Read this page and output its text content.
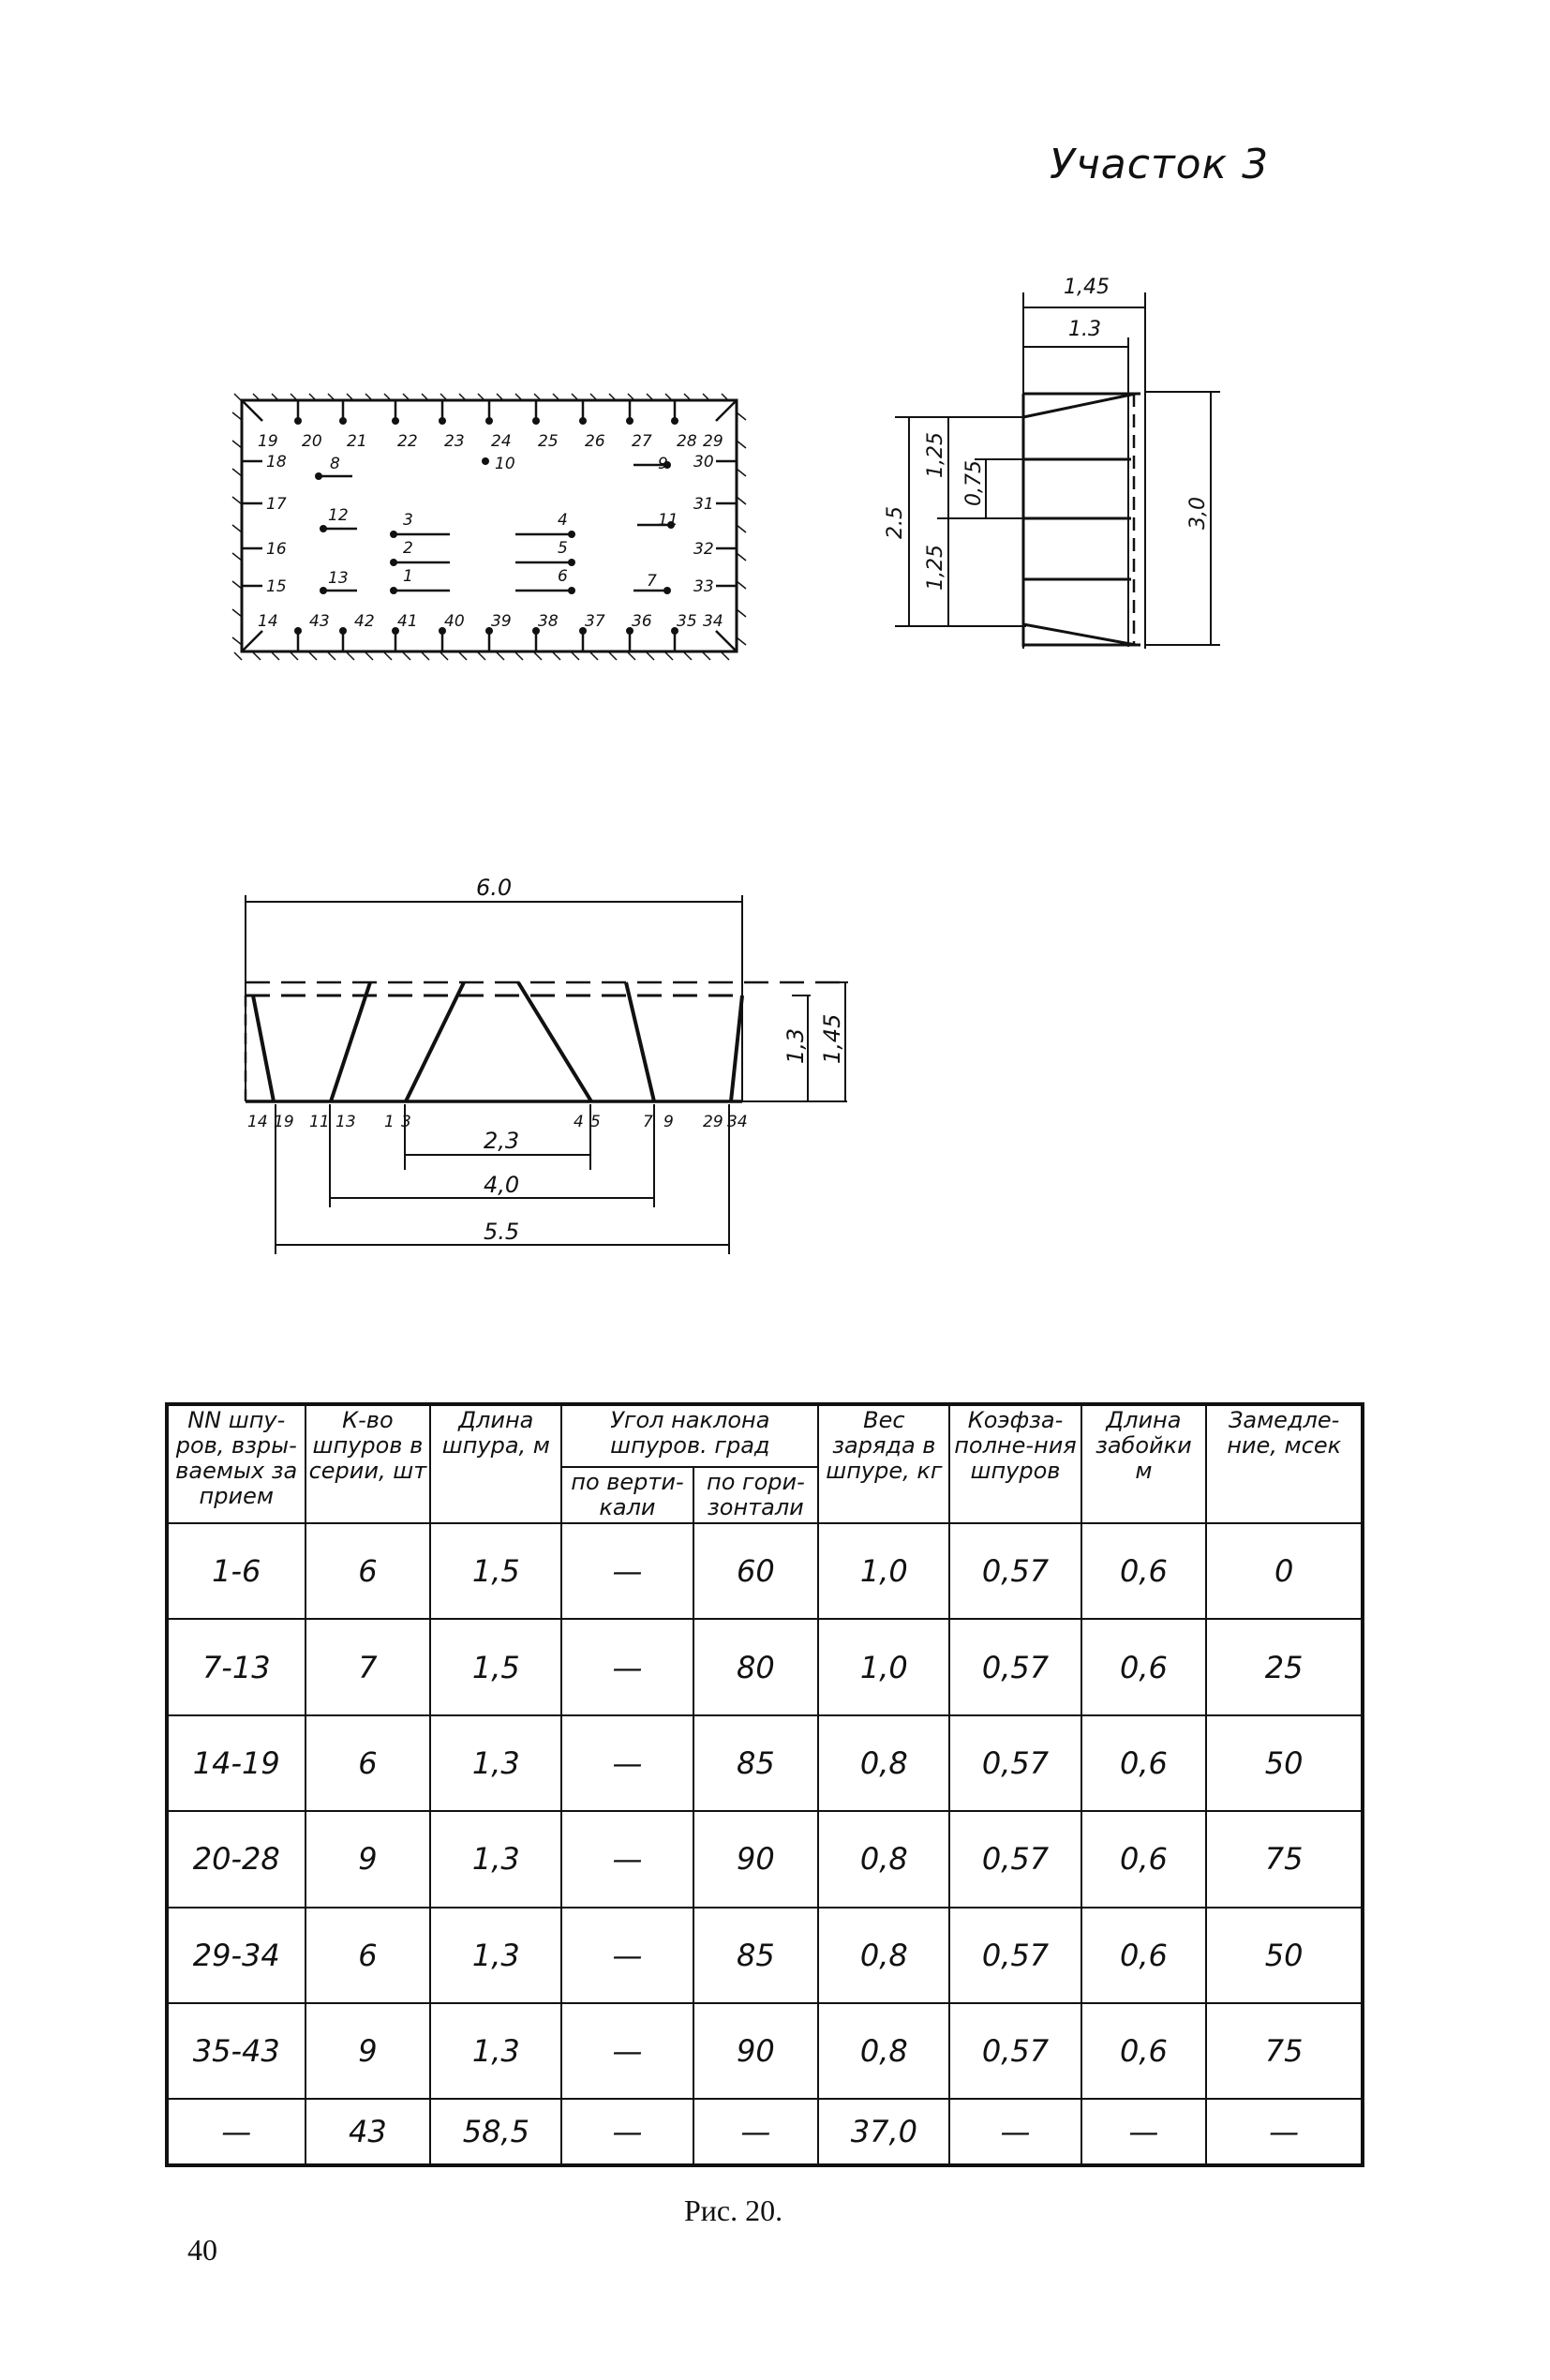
Участок 3
19 20 21 22 23 24 25 26 27 28 29
14 43 42 41 40 39 38 37 36 35 34
18
17
16
15
30
31
32
33
8	10	9
12	3	4	11
2	5
13	1	6	7
1,45
1.3
2.5
1,25
0,75
1,25
3,0
6.0
1,3 1,45
2,3
4,0
5.5
14 19 11 13 1 3	4 5	7 9 29 34
NN шпу-ров, взры-ваемых за прием	К-во шпуров в серии, шт	Длина шпура, м	Угол наклона шпуров. град		Вес заряда в шпуре, кг	Коэфза-полне-ния шпуров	Длина забойки м	Замедле-ние, мсек
			по верти-кали	по гори-зонтали				
1-6	6	1,5	—	60	1,0	0,57	0,6	0
7-13	7	1,5	—	80	1,0	0,57	0,6	25
14-19	6	1,3	—	85	0,8	0,57	0,6	50
20-28	9	1,3	—	90	0,8	0,57	0,6	75
29-34	6	1,3	—	85	0,8	0,57	0,6	50
35-43	9	1,3	—	90	0,8	0,57	0,6	75
—	43	58,5	—	—	37,0	—	—	—
Рис. 20.
40
